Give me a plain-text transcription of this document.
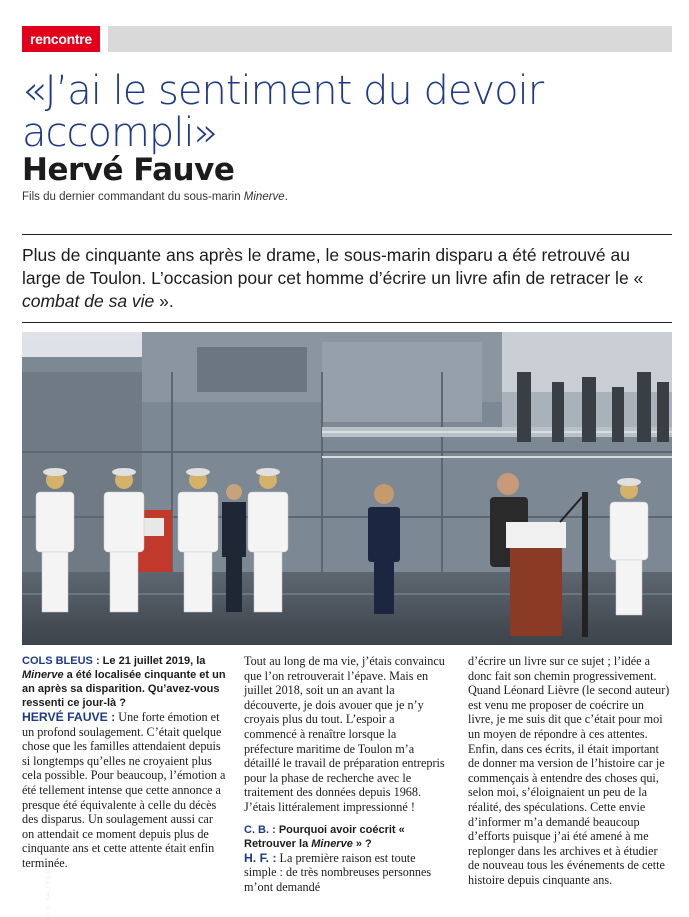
rencontre
«J’ai le sentiment du devoir
accompli»
Hervé Fauve
Fils du dernier commandant du sous-marin Minerve.
Plus de cinquante ans après le drame, le sous-marin disparu a été retrouvé au large de Toulon. L’occasion pour cet homme d’écrire un livre afin de retracer le « combat de sa vie ».
© S. SALLES/MN

COLS BLEUS : Le 21 juillet 2019, la Minerve a été localisée cinquante et un an après sa disparition. Qu’avez-vous ressenti ce jour-là ?

HERVÉ FAUVE : Une forte émotion et un profond soulagement. C’était quelque chose que les familles attendaient depuis si longtemps qu’elles ne croyaient plus cela possible. Pour beaucoup, l’émotion a été tellement intense que cette annonce a presque été équivalente à celle du décès des disparus. Un soulagement aussi car on attendait ce moment depuis plus de cinquante ans et cette attente était enfin terminée.

Tout au long de ma vie, j’étais convaincu que l’on retrouverait l’épave. Mais en juillet 2018, soit un an avant la découverte, je dois avouer que je n’y croyais plus du tout. L’espoir a commencé à renaître lorsque la préfecture maritime de Toulon m’a détaillé le travail de préparation entrepris pour la phase de recherche avec le traitement des données depuis 1968. J’étais littéralement impressionné !

C. B. : Pourquoi avoir coécrit « Retrouver la Minerve » ?

H. F. : La première raison est toute simple : de très nombreuses personnes m’ont demandé

d’écrire un livre sur ce sujet ; l’idée a donc fait son chemin progressivement. Quand Léonard Lièvre (le second auteur) est venu me proposer de coécrire un livre, je me suis dit que c’était pour moi un moyen de répondre à ces attentes. Enfin, dans ces écrits, il était important de donner ma version de l’histoire car je commençais à entendre des choses qui, selon moi, s’éloignaient un peu de la réalité, des spéculations. Cette envie d’informer m’a demandé beaucoup d’efforts puisque j’ai été amené à me replonger dans les archives et à étudier de nouveau tous les événements de cette histoire depuis cinquante ans.
